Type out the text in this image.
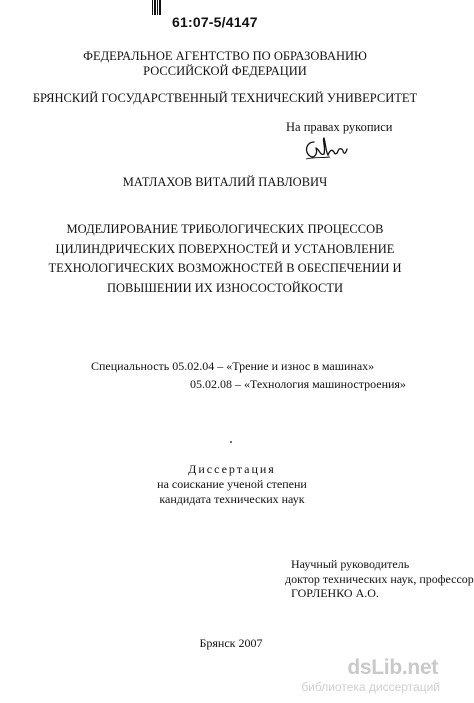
61:07-5/4147
ФЕДЕРАЛЬНОЕ АГЕНТСТВО ПО ОБРАЗОВАНИЮ
РОССИЙСКОЙ ФЕДЕРАЦИИ
БРЯНСКИЙ ГОСУДАРСТВЕННЫЙ ТЕХНИЧЕСКИЙ УНИВЕРСИТЕТ
На правах рукописи
МАТЛАХОВ ВИТАЛИЙ ПАВЛОВИЧ
МОДЕЛИРОВАНИЕ ТРИБОЛОГИЧЕСКИХ ПРОЦЕССОВ
ЦИЛИНДРИЧЕСКИХ ПОВЕРХНОСТЕЙ И УСТАНОВЛЕНИЕ
ТЕХНОЛОГИЧЕСКИХ ВОЗМОЖНОСТЕЙ В ОБЕСПЕЧЕНИИ И
ПОВЫШЕНИИ ИХ ИЗНОСОСТОЙКОСТИ
Специальность 05.02.04 – «Трение и износ в машинах»
05.02.08 – «Технология машиностроения»
Диссертация
на соискание ученой степени
кандидата технических наук
Научный руководитель
доктор технических наук, профессор
ГОРЛЕНКО А.О.
Брянск 2007
dsLib.net
библиотека диссертаций
